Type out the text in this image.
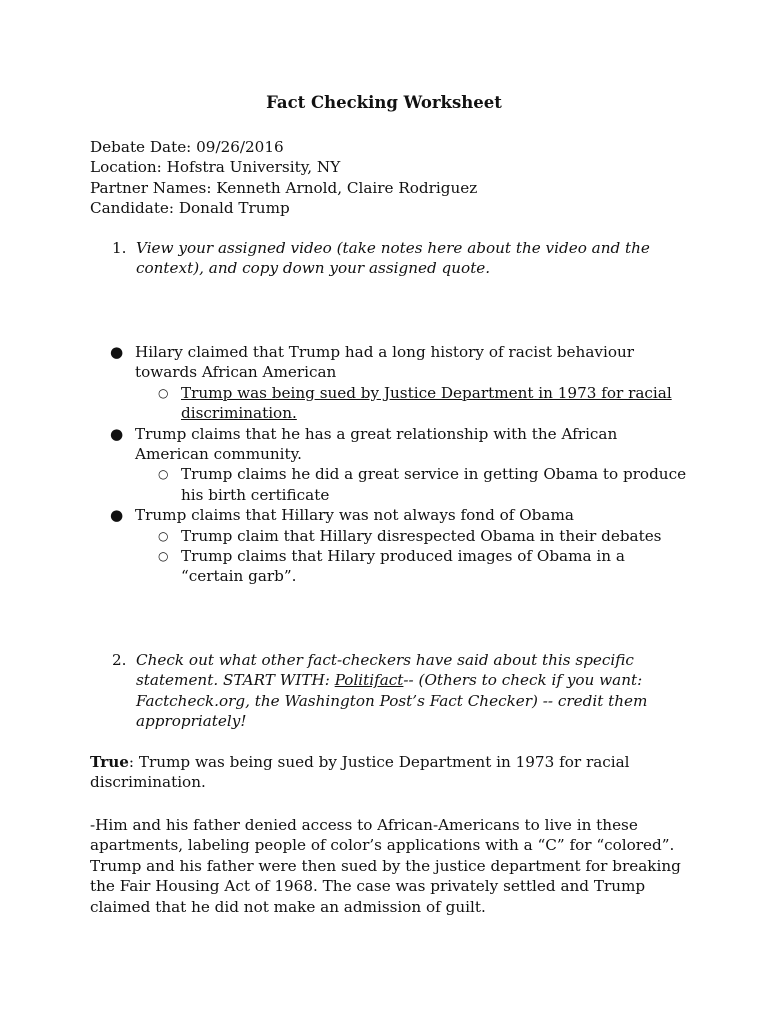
Fact Checking Worksheet
Debate Date: 09/26/2016
Location: Hofstra University, NY
Partner Names: Kenneth Arnold, Claire Rodriguez
Candidate: Donald Trump
1. View your assigned video (take notes here about the video and the context), and copy down your assigned quote.
● Hilary claimed that Trump had a long history of racist behaviour towards African American
○ Trump was being sued by Justice Department in 1973 for racial discrimination.
● Trump claims that he has a great relationship with the African American community.
○ Trump claims he did a great service in getting Obama to produce his birth certificate
● Trump claims that Hillary was not always fond of Obama
○ Trump claim that Hillary disrespected Obama in their debates
○ Trump claims that Hilary produced images of Obama in a “certain garb”.
2. Check out what other fact-checkers have said about this specific statement. START WITH: Politifact-- (Others to check if you want: Factcheck.org, the Washington Post’s Fact Checker) -- credit them appropriately!
True: Trump was being sued by Justice Department in 1973 for racial discrimination.
-Him and his father denied access to African-Americans to live in these apartments, labeling people of color’s applications with a “C” for “colored”. Trump and his father were then sued by the justice department for breaking the Fair Housing Act of 1968. The case was privately settled and Trump claimed that he did not make an admission of guilt.
